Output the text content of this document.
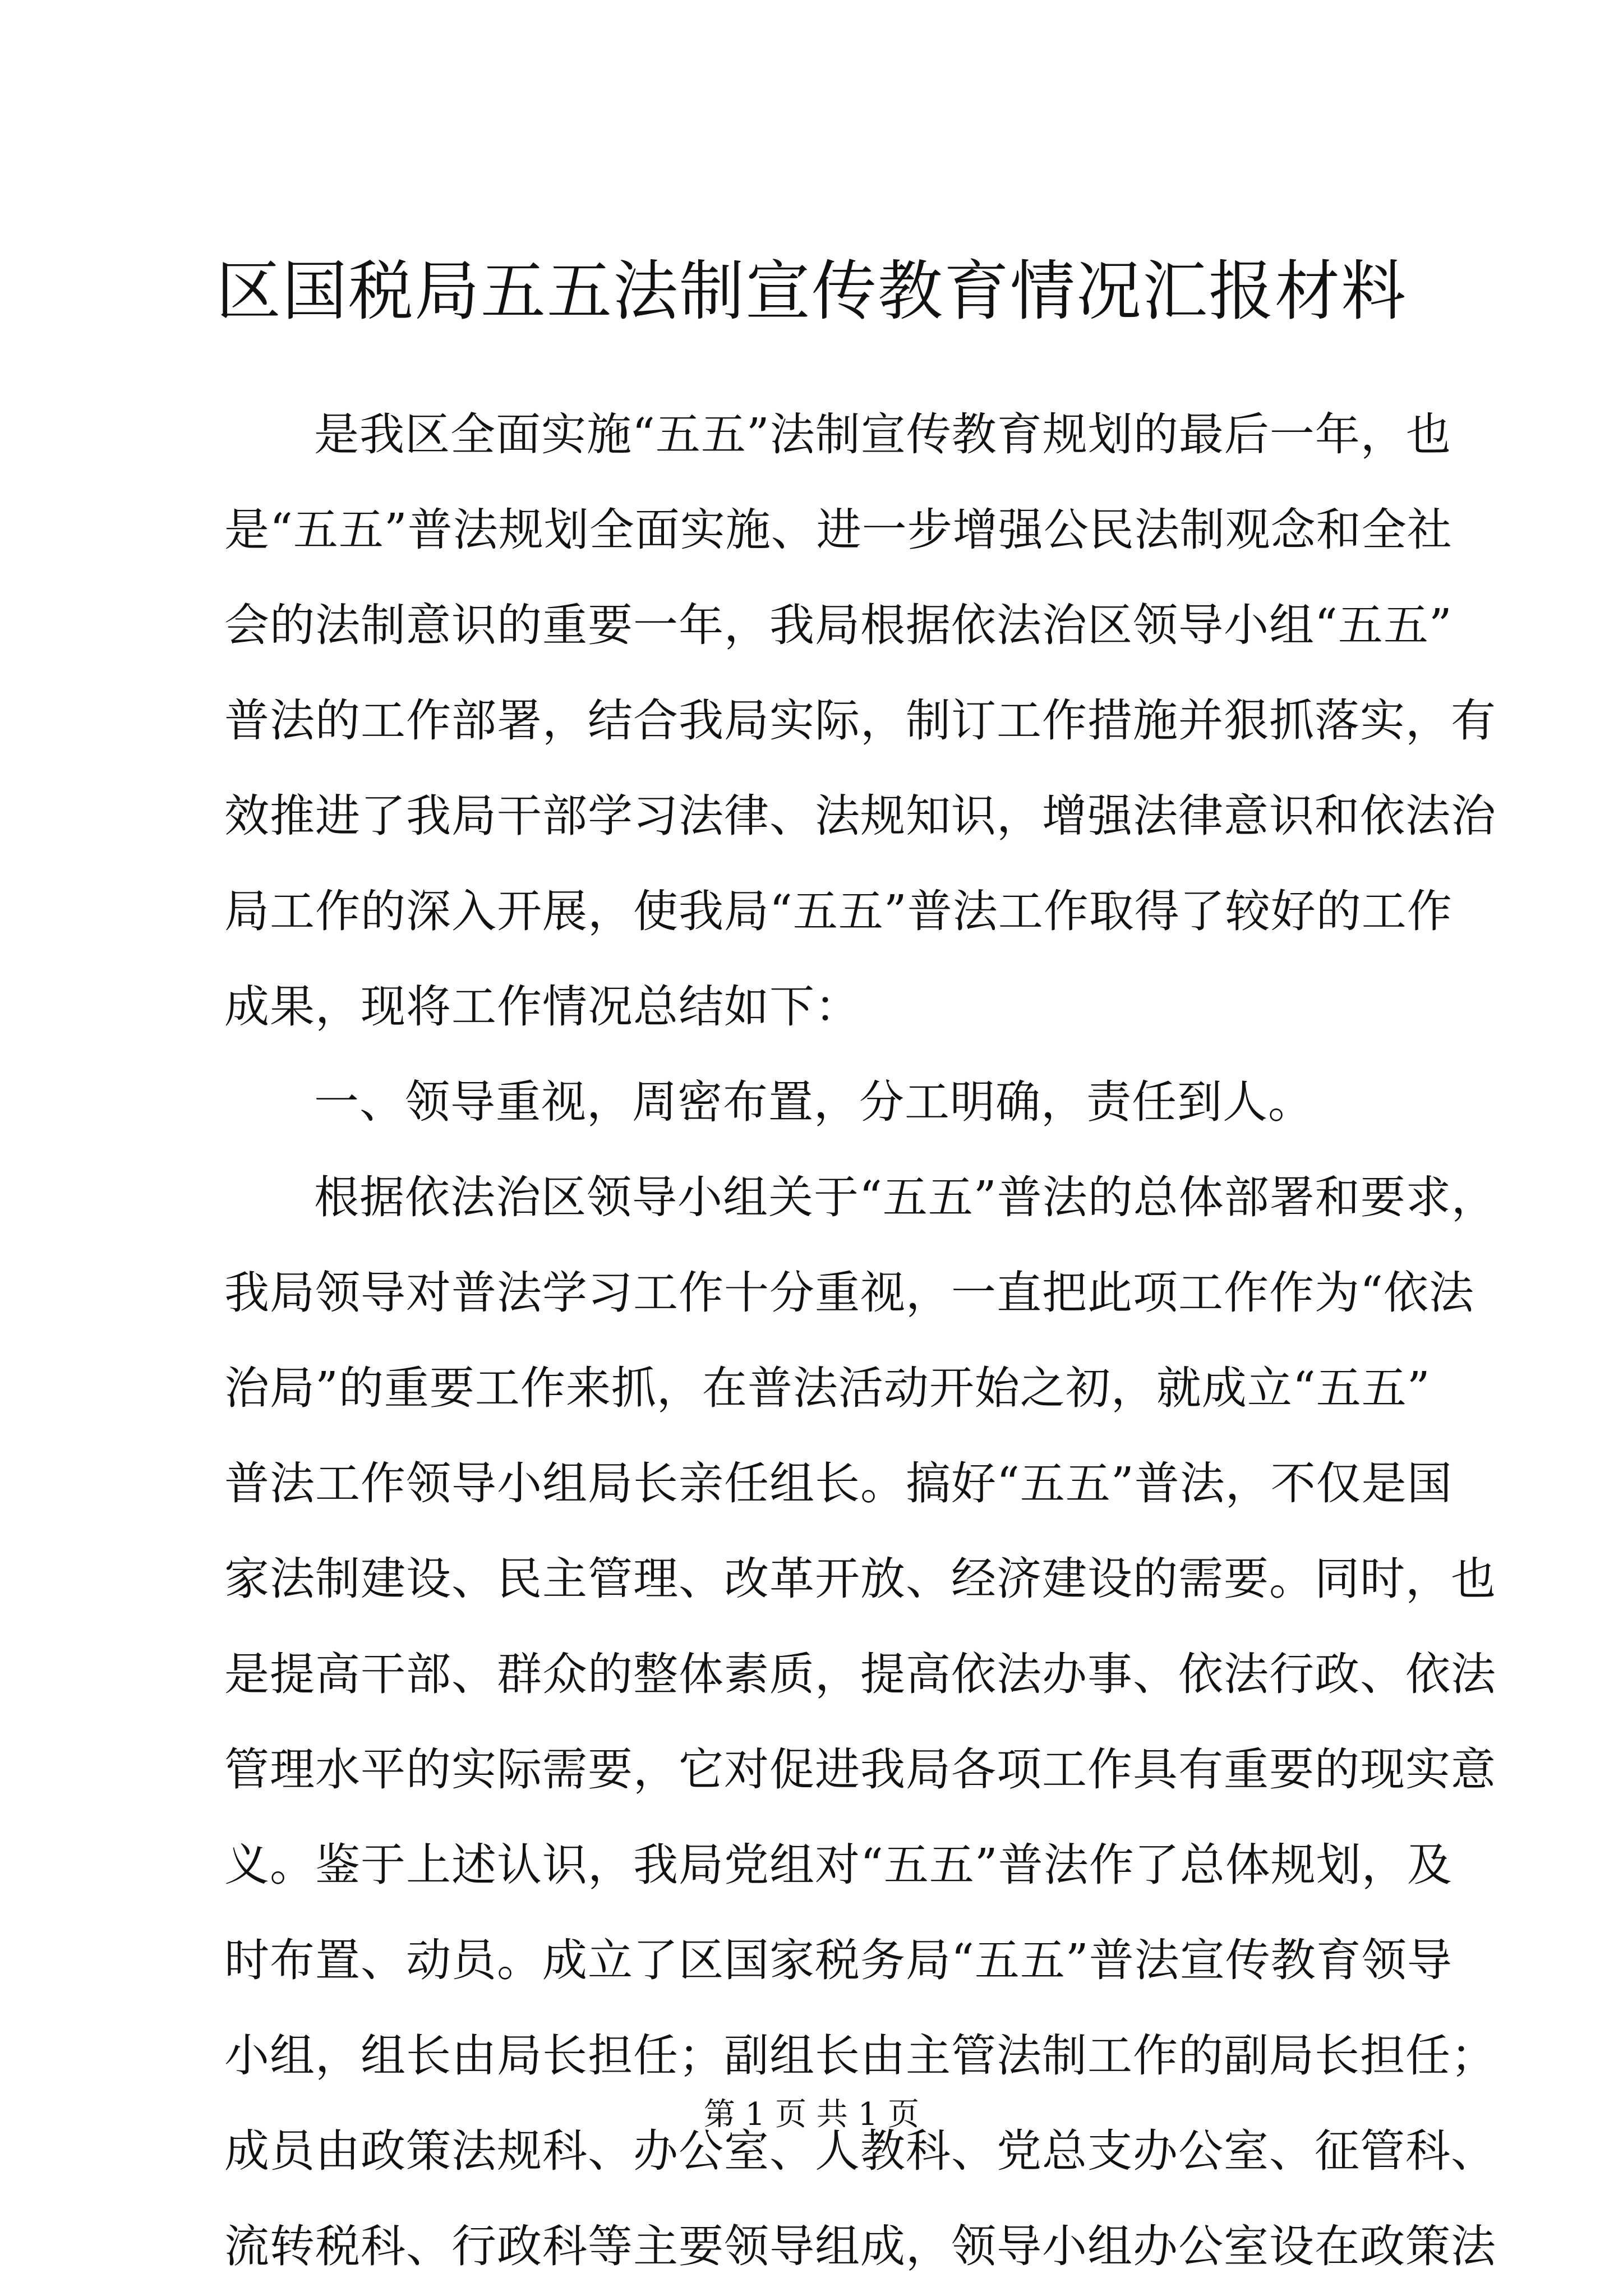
区国税局五五法制宣传教育情况汇报材料
是我区全面实施“五五”法制宣传教育规划的最后一年，也
是“五五”普法规划全面实施、进一步增强公民法制观念和全社
会的法制意识的重要一年，我局根据依法治区领导小组“五五”
普法的工作部署，结合我局实际，制订工作措施并狠抓落实，有
效推进了我局干部学习法律、法规知识，增强法律意识和依法治
局工作的深入开展，使我局“五五”普法工作取得了较好的工作
成果，现将工作情况总结如下：
一、领导重视，周密布置，分工明确，责任到人。
根据依法治区领导小组关于“五五”普法的总体部署和要求，
我局领导对普法学习工作十分重视，一直把此项工作作为“依法
治局”的重要工作来抓，在普法活动开始之初，就成立“五五”
普法工作领导小组局长亲任组长。搞好“五五”普法，不仅是国
家法制建设、民主管理、改革开放、经济建设的需要。同时，也
是提高干部、群众的整体素质，提高依法办事、依法行政、依法
管理水平的实际需要，它对促进我局各项工作具有重要的现实意
义。鉴于上述认识，我局党组对“五五”普法作了总体规划，及
时布置、动员。成立了区国家税务局“五五”普法宣传教育领导
小组，组长由局长担任；副组长由主管法制工作的副局长担任；
成员由政策法规科、办公室、人教科、党总支办公室、征管科、
流转税科、行政科等主要领导组成，领导小组办公室设在政策法
第 1 页 共 1 页
